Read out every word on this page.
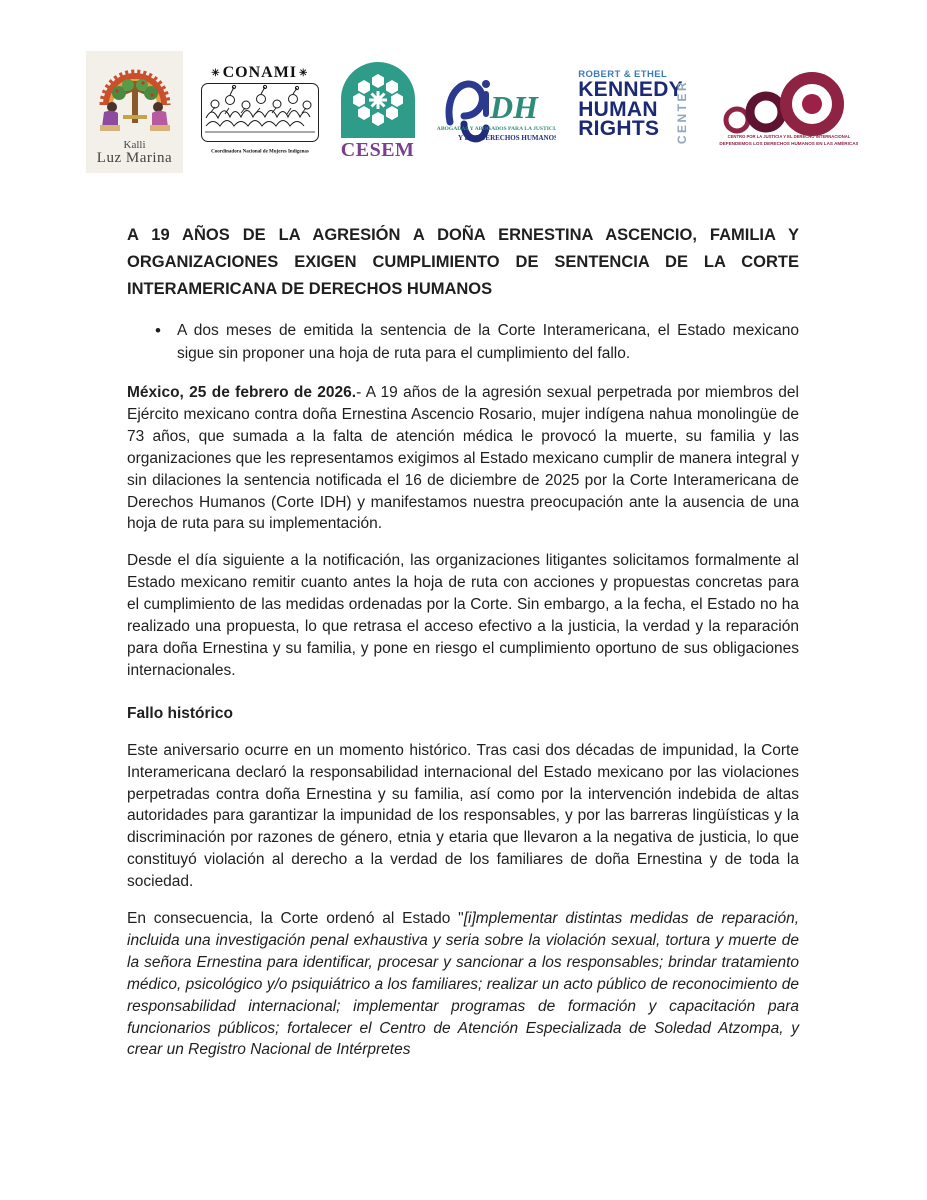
Kalli
Luz Marina
✳ CONAMI ✳
Coordinadora Nacional de Mujeres Indígenas CESEM
DH
ABOGADAS Y ABOGADOS PARA LA JUSTICIA
Y LOS DERECHOS HUMANOS
ROBERT & ETHEL
KENNEDY
HUMAN
RIGHTS	CENTER	CENTRO POR LA JUSTICIA Y EL DERECHO INTERNACIONAL
DEFENDEMOS LOS DERECHOS HUMANOS EN LAS AMÉRICAS
A 19 AÑOS DE LA AGRESIÓN A DOÑA ERNESTINA ASCENCIO, FAMILIA Y ORGANIZACIONES EXIGEN CUMPLIMIENTO DE SENTENCIA DE LA CORTE INTERAMERICANA DE DERECHOS HUMANOS
• A dos meses de emitida la sentencia de la Corte Interamericana, el Estado mexicano sigue sin proponer una hoja de ruta para el cumplimiento del fallo.

México, 25 de febrero de 2026.- A 19 años de la agresión sexual perpetrada por miembros del Ejército mexicano contra doña Ernestina Ascencio Rosario, mujer indígena nahua monolingüe de 73 años, que sumada a la falta de atención médica le provocó la muerte, su familia y las organizaciones que les representamos exigimos al Estado mexicano cumplir de manera integral y sin dilaciones la sentencia notificada el 16 de diciembre de 2025 por la Corte Interamericana de Derechos Humanos (Corte IDH) y manifestamos nuestra preocupación ante la ausencia de una hoja de ruta para su implementación.

Desde el día siguiente a la notificación, las organizaciones litigantes solicitamos formalmente al Estado mexicano remitir cuanto antes la hoja de ruta con acciones y propuestas concretas para el cumplimiento de las medidas ordenadas por la Corte. Sin embargo, a la fecha, el Estado no ha realizado una propuesta, lo que retrasa el acceso efectivo a la justicia, la verdad y la reparación para doña Ernestina y su familia, y pone en riesgo el cumplimiento oportuno de sus obligaciones internacionales.

Fallo histórico

Este aniversario ocurre en un momento histórico. Tras casi dos décadas de impunidad, la Corte Interamericana declaró la responsabilidad internacional del Estado mexicano por las violaciones perpetradas contra doña Ernestina y su familia, así como por la intervención indebida de altas autoridades para garantizar la impunidad de los responsables, y por las barreras lingüísticas y la discriminación por razones de género, etnia y etaria que llevaron a la negativa de justicia, lo que constituyó violación al derecho a la verdad de los familiares de doña Ernestina y de toda la sociedad.

En consecuencia, la Corte ordenó al Estado "[i]mplementar distintas medidas de reparación, incluida una investigación penal exhaustiva y seria sobre la violación sexual, tortura y muerte de la señora Ernestina para identificar, procesar y sancionar a los responsables; brindar tratamiento médico, psicológico y/o psiquiátrico a los familiares; realizar un acto público de reconocimiento de responsabilidad internacional; implementar programas de formación y capacitación para funcionarios públicos; fortalecer el Centro de Atención Especializada de Soledad Atzompa, y crear un Registro Nacional de Intérpretes
